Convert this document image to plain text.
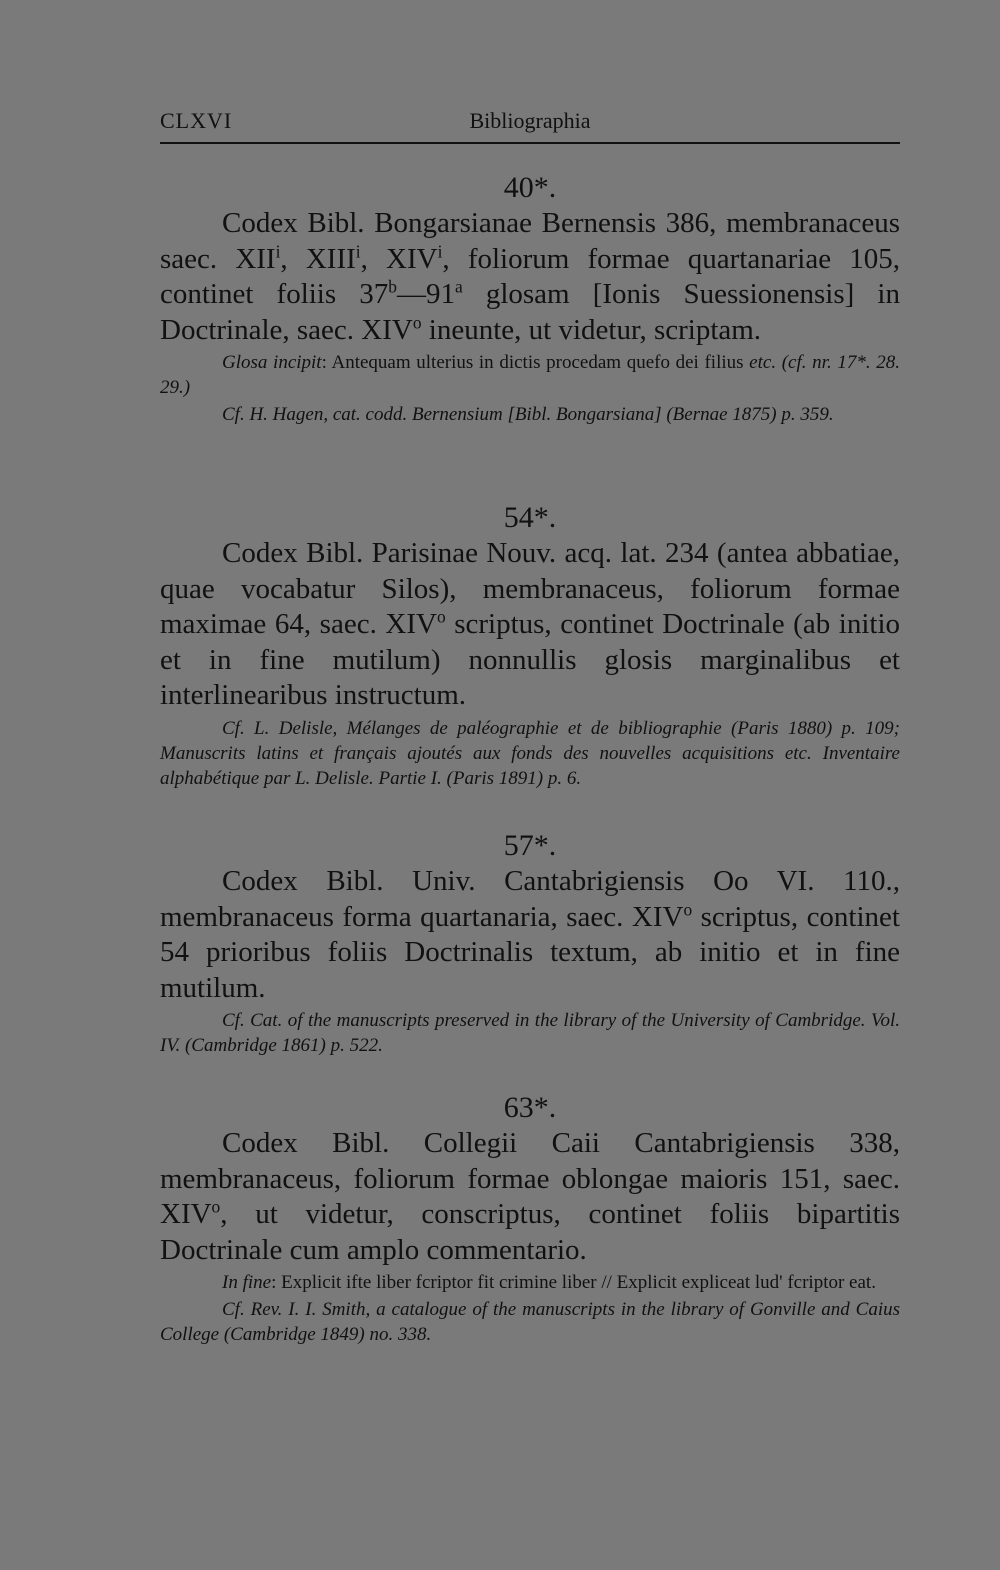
CLXVI	Bibliographia
40*.

Codex Bibl. Bongarsianae Bernensis 386, membranaceus saec. XII$^i$, XIII$^i$, XIV$^i$, foliorum formae quartanariae 105, continet foliis 37$^b$—91$^a$ glosam [Ionis Suessionensis] in Doctrinale, saec. XIV$^o$ ineunte, ut videtur, scriptam.

Glosa incipit: Antequam ulterius in dictis procedam quefo dei filius etc. (cf. nr. 17*. 28. 29.)

Cf. H. Hagen, cat. codd. Bernensium [Bibl. Bongarsiana] (Bernae 1875) p. 359.

54*.

Codex Bibl. Parisinae Nouv. acq. lat. 234 (antea abbatiae, quae vocabatur Silos), membranaceus, foliorum formae maximae 64, saec. XIV$^o$ scriptus, continet Doctrinale (ab initio et in fine mutilum) nonnullis glosis marginalibus et interlinearibus instructum.

Cf. L. Delisle, Mélanges de paléographie et de bibliographie (Paris 1880) p. 109; Manuscrits latins et français ajoutés aux fonds des nouvelles acquisitions etc. Inventaire alphabétique par L. Delisle. Partie I. (Paris 1891) p. 6.

57*.

Codex Bibl. Univ. Cantabrigiensis Oo VI. 110., membranaceus forma quartanaria, saec. XIV$^o$ scriptus, continet 54 prioribus foliis Doctrinalis textum, ab initio et in fine mutilum.

Cf. Cat. of the manuscripts preserved in the library of the University of Cambridge. Vol. IV. (Cambridge 1861) p. 522.

63*.

Codex Bibl. Collegii Caii Cantabrigiensis 338, membranaceus, foliorum formae oblongae maioris 151, saec. XIV$^o$, ut videtur, conscriptus, continet foliis bipartitis Doctrinale cum amplo commentario.

In fine: Explicit ifte liber fcriptor fit crimine liber // Explicit expliceat lud' fcriptor eat.

Cf. Rev. I. I. Smith, a catalogue of the manuscripts in the library of Gonville and Caius College (Cambridge 1849) no. 338.
